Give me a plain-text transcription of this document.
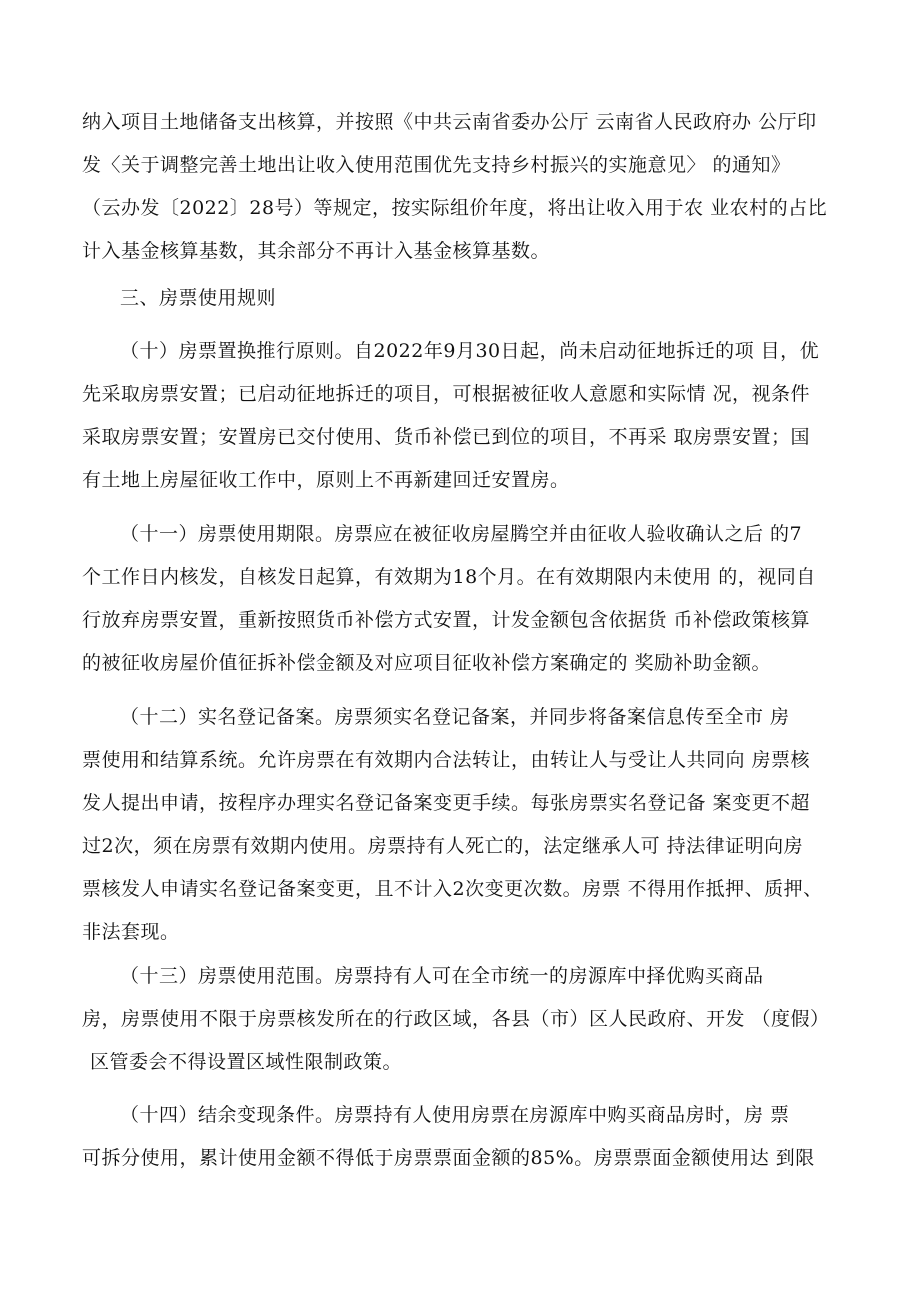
纳入项目土地储备支出核算，并按照《中共云南省委办公厅 云南省人民政府办 公厅印
发〈关于调整完善土地出让收入使用范围优先支持乡村振兴的实施意见〉 的通知》
（云办发〔2022〕28号）等规定，按实际组价年度，将出让收入用于农 业农村的占比
计入基金核算基数，其余部分不再计入基金核算基数。
三、房票使用规则
（十）房票置换推行原则。自2022年9月30日起，尚未启动征地拆迁的项 目，优
先采取房票安置；已启动征地拆迁的项目，可根据被征收人意愿和实际情 况，视条件
采取房票安置；安置房已交付使用、货币补偿已到位的项目，不再采 取房票安置；国
有土地上房屋征收工作中，原则上不再新建回迁安置房。
（十一）房票使用期限。房票应在被征收房屋腾空并由征收人验收确认之后 的7
个工作日内核发，自核发日起算，有效期为18个月。在有效期限内未使用 的，视同自
行放弃房票安置，重新按照货币补偿方式安置，计发金额包含依据货 币补偿政策核算
的被征收房屋价值征拆补偿金额及对应项目征收补偿方案确定的 奖励补助金额。
（十二）实名登记备案。房票须实名登记备案，并同步将备案信息传至全市 房
票使用和结算系统。允许房票在有效期内合法转让，由转让人与受让人共同向 房票核
发人提出申请，按程序办理实名登记备案变更手续。每张房票实名登记备 案变更不超
过2次，须在房票有效期内使用。房票持有人死亡的，法定继承人可 持法律证明向房
票核发人申请实名登记备案变更，且不计入2次变更次数。房票 不得用作抵押、质押、
非法套现。
（十三）房票使用范围。房票持有人可在全市统一的房源库中择优购买商品
房，房票使用不限于房票核发所在的行政区域，各县（市）区人民政府、开发 （度假）
区管委会不得设置区域性限制政策。
（十四）结余变现条件。房票持有人使用房票在房源库中购买商品房时，房 票
可拆分使用，累计使用金额不得低于房票票面金额的85%。房票票面金额使用达 到限
